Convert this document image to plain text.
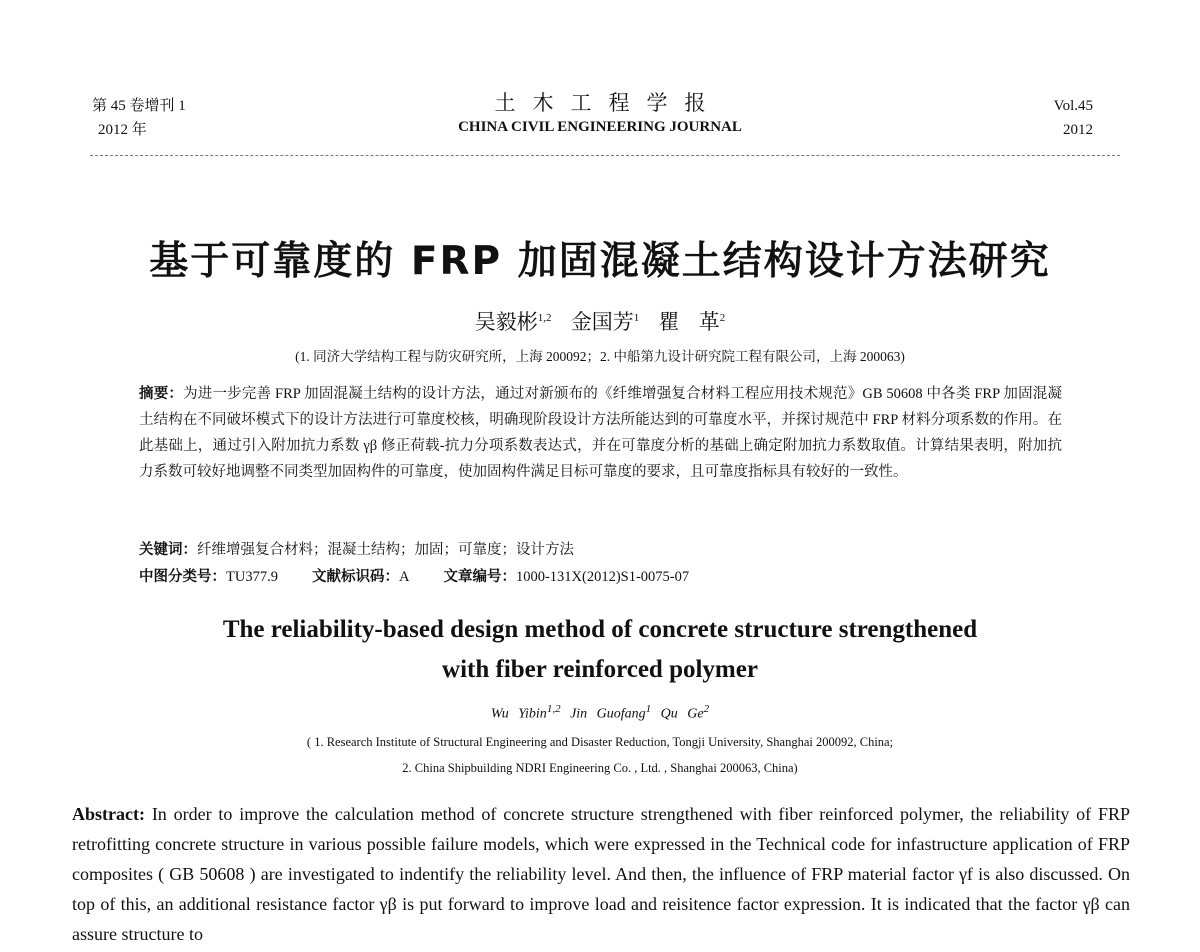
第 45 卷增刊 1
2012 年
土木工程学报
CHINA CIVIL ENGINEERING JOURNAL
Vol.45
2012
基于可靠度的 FRP 加固混凝土结构设计方法研究
吴毅彬$^{1,2}$ 金国芳$^1$ 瞿 革$^2$
(1. 同济大学结构工程与防灾研究所，上海 200092；2. 中船第九设计研究院工程有限公司，上海 200063)
摘要：为进一步完善 FRP 加固混凝土结构的设计方法，通过对新颁布的《纤维增强复合材料工程应用技术规范》GB 50608 中各类 FRP 加固混凝土结构在不同破坏模式下的设计方法进行可靠度校核，明确现阶段设计方法所能达到的可靠度水平，并探讨规范中 FRP 材料分项系数的作用。在此基础上，通过引入附加抗力系数 γβ 修正荷载-抗力分项系数表达式，并在可靠度分析的基础上确定附加抗力系数取值。计算结果表明，附加抗力系数可较好地调整不同类型加固构件的可靠度，使加固构件满足目标可靠度的要求，且可靠度指标具有较好的一致性。
关键词：纤维增强复合材料；混凝土结构；加固；可靠度；设计方法
中图分类号：TU377.9 文献标识码：A 文章编号：1000-131X(2012)S1-0075-07
The reliability-based design method of concrete structure strengthened
with fiber reinforced polymer
Wu Yibin$^{1,2}$ Jin Guofang$^1$ Qu Ge$^2$
( 1. Research Institute of Structural Engineering and Disaster Reduction, Tongji University, Shanghai 200092, China;
2. China Shipbuilding NDRI Engineering Co. , Ltd. , Shanghai 200063, China)
Abstract: In order to improve the calculation method of concrete structure strengthened with fiber reinforced polymer, the reliability of FRP retrofitting concrete structure in various possible failure models, which were expressed in the Technical code for infastructure application of FRP composites ( GB 50608 ) are investigated to indentify the reliability level. And then, the influence of FRP material factor γf is also discussed. On top of this, an additional resistance factor γβ is put forward to improve load and reisitence factor expression. It is indicated that the factor γβ can assure structure to
